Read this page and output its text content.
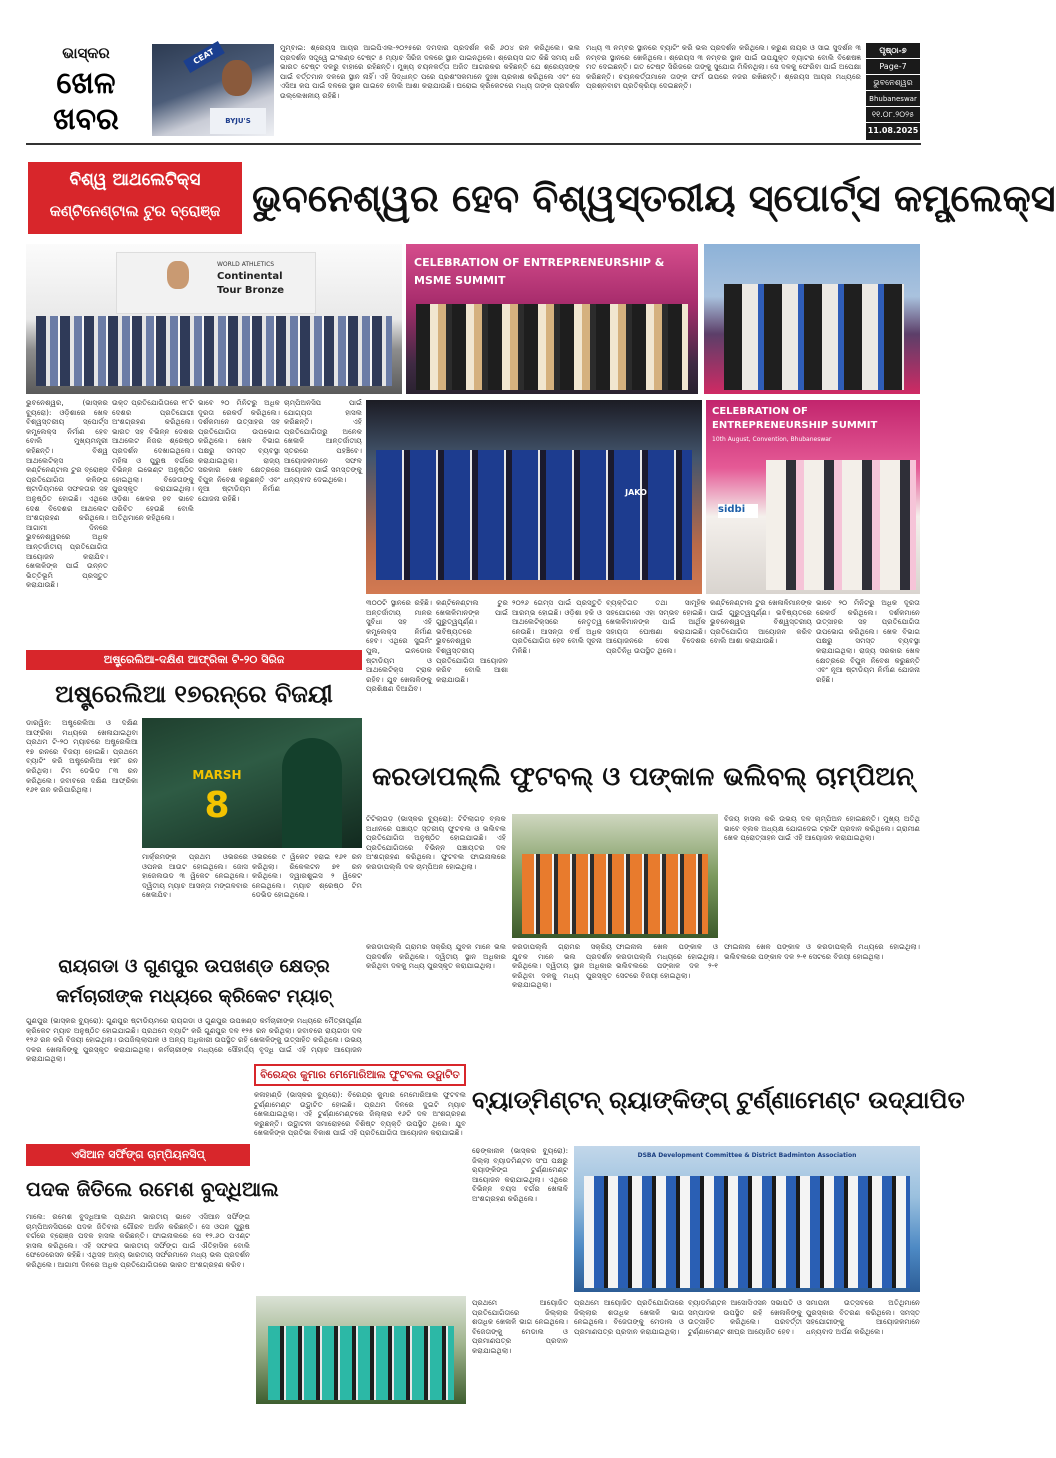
ଭାସ୍କର
ଖେଳ
ଖବର
CEAT
BYJU'S
ମୁମ୍ବାଇ: ଶ୍ରେୟସ ଆୟର ଆଇପିଏଲ-୨୦୨୫ରେ ଦମଦାର ପ୍ରଦର୍ଶନ କରି ୬୦୪ ରନ କରିଥିଲେ। ଭଲ ପ୍ରଦର୍ଶନ ସତ୍ତ୍ୱେ ଇଂଲଣ୍ଡ ଟେଷ୍ଟ ୫ ମ୍ୟାଚ ସିରିଜ ଦଳରେ ସ୍ଥାନ ପାଇନଥିଲେ। ଶ୍ରେୟସ ଗତ କିଛି ସମୟ ଧରି ଭାରତ ଟେଷ୍ଟ ଦଳରୁ ବାହାରେ ରହିଛନ୍ତି। ମୁଖ୍ୟ ଚୟନକର୍ତ୍ତା ଅଜିତ ଆଗରକର କହିଛନ୍ତି ଯେ ଶ୍ରେୟସଙ୍କ ପାଇଁ ବର୍ତ୍ତମାନ ଦଳରେ ସ୍ଥାନ ନାହିଁ। ଏହି ସିଦ୍ଧାନ୍ତ ପରେ ପ୍ରଶଂସକମାନେ ଦୁଃଖ ପ୍ରକାଶ କରିଥିଲେ ଏବଂ ସେ ଏସିଆ କପ ପାଇଁ ଦଳରେ ସ୍ଥାନ ପାଇବେ ବୋଲି ଆଶା କରାଯାଉଛି। ଘରୋଇ କ୍ରିକେଟରେ ମଧ୍ୟ ତାଙ୍କ ପ୍ରଦର୍ଶନ ଉଲ୍ଲେଖନୀୟ ରହିଛି।
ମଧ୍ୟ ୩ ନମ୍ବର ସ୍ଥାନରେ ବ୍ୟାଟିଂ କରି ଭଲ ପ୍ରଦର୍ଶନ କରିଥିଲେ। କରୁଣ ନାୟର ଓ ସାଇ ସୁଦର୍ଶନ ୩ ନମ୍ବର ସ୍ଥାନରେ ଖେଳିଥିଲେ। ଶ୍ରେୟସ ୩ ନମ୍ବର ସ୍ଥାନ ପାଇଁ ଉପଯୁକ୍ତ ବ୍ୟାଟର ବୋଲି ବିଶେଷଜ୍ଞ ମତ ଦେଇଛନ୍ତି। ଗତ ଟେଷ୍ଟ ସିରିଜରେ ତାଙ୍କୁ ସୁଯୋଗ ମିଳିନଥିଲା। ସେ ଦଳକୁ ଫେରିବା ପାଇଁ ଅପେକ୍ଷା କରିଛନ୍ତି। ଚୟନକର୍ତ୍ତାମାନେ ତାଙ୍କ ଫର୍ମ ଉପରେ ନଜର ରଖିଛନ୍ତି। ଶ୍ରେୟସ ଆୟର ମଧ୍ୟରେ ପ୍ରଶ୍ନବାଚୀ ପ୍ରତିକ୍ରିୟା ଦେଇଛନ୍ତି।
ପୃଷ୍ଠା-୭
Page-7
ଭୁବନେଶ୍ୱର
Bhubaneswar
୧୧.୦୮.୨୦୨୫
11.08.2025
ବିଶ୍ୱ ଆଥଲେଟିକ୍ସ
କଣ୍ଟିନେଣ୍ଟାଲ ଟୁର ବ୍ରୋଞ୍ଜ ଭୁବନେଶ୍ୱର ହେବ ବିଶ୍ୱସ୍ତରୀୟ ସ୍ପୋର୍ଟ୍ସ କମ୍ପ୍ଲେକ୍ସ
WORLD ATHLETICS
Continental
Tour Bronze
CELEBRATION OF ENTREPRENEURSHIP & MSME SUMMIT
ଭୁବନେଶ୍ୱର, (ଭାସ୍କର ବ୍ୟୁରୋ): ଓଡ଼ିଶାରେ ଖେଳ ବିଶ୍ୱସ୍ତରୀୟ ସ୍ପୋର୍ଟ୍ସ କମ୍ପ୍ଲେକ୍ସ ନିର୍ମାଣ ହେବ ବୋଲି ମୁଖ୍ୟମନ୍ତ୍ରୀ କହିଛନ୍ତି। ବିଶ୍ୱ ଆଥଲେଟିକ୍ସ କଣ୍ଟିନେଣ୍ଟାଲ ଟୁର ବ୍ରୋଞ୍ଜ ପ୍ରତିଯୋଗିତା କଳିଙ୍ଗ ଷ୍ଟାଡିୟମରେ ସଫଳତାର ସହ ଅନୁଷ୍ଠିତ ହୋଇଛି। ଏଥିରେ ଦେଶ ବିଦେଶର ଆଥଲେଟ ଅଂଶଗ୍ରହଣ କରିଥିଲେ। ଆଗାମୀ ଦିନରେ ଭୁବନେଶ୍ୱରରେ ଅଧିକ ଆନ୍ତର୍ଜାତୀୟ ପ୍ରତିଯୋଗିତା ଆୟୋଜନ କରାଯିବ। ଖେଳାଳିଙ୍କ ପାଇଁ ଉନ୍ନତ ଭିତ୍ତିଭୂମି ପ୍ରସ୍ତୁତ କରାଯାଉଛି।
ଉକ୍ତ ପ୍ରତିଯୋଗିତାରେ ୧୮ଟି ଦେଶର ପ୍ରତିଯୋଗୀ ଅଂଶଗ୍ରହଣ କରିଥିଲେ। ଭାରତ ସହ ବିଭିନ୍ନ ଦେଶର ଆଥଲେଟ ନିଜର ଶ୍ରେଷ୍ଠ ପ୍ରଦର୍ଶନ ଦେଖାଇଥିଲେ। ମହିଳା ଓ ପୁରୁଷ ବର୍ଗରେ ବିଭିନ୍ନ ଇଭେଣ୍ଟ ଅନୁଷ୍ଠିତ ହୋଇଥିଲା। ବିଜେତାଙ୍କୁ ପୁରସ୍କୃତ କରାଯାଇଥିଲା। ଓଡ଼ିଶା ଖେଳର ହବ ଭାବେ ପରିଚିତ ହେଉଛି ବୋଲି ଅତିଥିମାନେ କହିଥିଲେ।
ଭାବେ ୨୦ ମିନିଟରୁ ଅଧିକ ଦୂରତା ରେକର୍ଡ କରିଥିଲେ। ଦର୍ଶକମାନେ ଉତ୍ସାହର ସହ ପ୍ରତିଯୋଗିତା ଉପଭୋଗ କରିଥିଲେ। ଖେଳ ବିଭାଗ ପକ୍ଷରୁ ସମସ୍ତ ବ୍ୟବସ୍ଥା କରାଯାଇଥିଲା। ରାଜ୍ୟ ସରକାର ଖେଳ କ୍ଷେତ୍ରରେ ବିପୁଳ ନିବେଶ କରୁଛନ୍ତି ଏବଂ ନୂଆ ଷ୍ଟାଡିୟମ ନିର୍ମାଣ ଯୋଜନା ରହିଛି।
ଚାମ୍ପିଅନସିପ ପାଇଁ ଯୋଗ୍ୟତା ହାସଲ କରିଛନ୍ତି। ଏହି ପ୍ରତିଯୋଗିତାରୁ ଅନେକ ଖେଳାଳି ଆନ୍ତର୍ଜାତୀୟ ସ୍ତରରେ ପହଞ୍ଚିବେ। ଆୟୋଜକମାନେ ସଫଳ ଆୟୋଜନ ପାଇଁ ସମସ୍ତଙ୍କୁ ଧନ୍ୟବାଦ ଦେଇଥିଲେ।
JAKO
CELEBRATION OF
ENTREPRENEURSHIP SUMMIT
10th August, Convention, Bhubaneswar
sidbi
୩୦୦ଟି ସ୍ଥାନରେ ରହିଛି। ଅନ୍ତର୍ଜାତୀୟ ମାନର ସୁବିଧା ସହ ଏହି କମ୍ପ୍ଲେକ୍ସ ନିର୍ମାଣ ହେବ। ଏଥିରେ ସୁଇମିଂ ପୁଲ, ଇନଡୋର ଷ୍ଟାଡିୟମ ଓ ଆଥଲେଟିକ୍ସ ଟ୍ରାକ ରହିବ। ଯୁବ ଖେଳାଳିଙ୍କୁ ପ୍ରଶିକ୍ଷଣ ଦିଆଯିବ।
କଣ୍ଟିନେଣ୍ଟାଲ ଟୁର ଖେଳାଳିମାନଙ୍କ ପାଇଁ ଗୁରୁତ୍ୱପୂର୍ଣ୍ଣ। ଭବିଷ୍ୟତରେ ଭୁବନେଶ୍ୱର ବିଶ୍ୱସ୍ତରୀୟ ପ୍ରତିଯୋଗିତା ଆୟୋଜନ କରିବ ବୋଲି ଆଶା କରାଯାଉଛି।
୨୦୨୬ ଗେମ୍ସ ପାଇଁ ପ୍ରସ୍ତୁତି ଆରମ୍ଭ ହୋଇଛି। ଓଡ଼ିଶା ହକି ଓ ଆଥଲେଟିକ୍ସରେ ନେତୃତ୍ୱ ନେଉଛି। ଆସନ୍ତା ବର୍ଷ ଅଧିକ ପ୍ରତିଯୋଗିତା ହେବ ବୋଲି ସୂଚନା ମିଳିଛି।
ବ୍ୟକ୍ତିଗତ ତଥା ସାମୂହିକ ସହଯୋଗରେ ଏହା ସମ୍ଭବ ହୋଇଛି। ଖେଳାଳିମାନଙ୍କ ପାଇଁ ଆର୍ଥିକ ସହାୟତା ଘୋଷଣା କରାଯାଇଛି। ଆୟୋଜନରେ ଦେଶ ବିଦେଶର ପ୍ରତିନିଧି ଉପସ୍ଥିତ ଥିଲେ।
କଣ୍ଟିନେଣ୍ଟାଲ ଟୁର ଖେଳାଳିମାନଙ୍କ ପାଇଁ ଗୁରୁତ୍ୱପୂର୍ଣ୍ଣ। ଭବିଷ୍ୟତରେ ଭୁବନେଶ୍ୱର ବିଶ୍ୱସ୍ତରୀୟ ପ୍ରତିଯୋଗିତା ଆୟୋଜନ କରିବ ବୋଲି ଆଶା କରାଯାଉଛି।
ଭାବେ ୨୦ ମିନିଟରୁ ଅଧିକ ଦୂରତା ରେକର୍ଡ କରିଥିଲେ। ଦର୍ଶକମାନେ ଉତ୍ସାହର ସହ ପ୍ରତିଯୋଗିତା ଉପଭୋଗ କରିଥିଲେ। ଖେଳ ବିଭାଗ ପକ୍ଷରୁ ସମସ୍ତ ବ୍ୟବସ୍ଥା କରାଯାଇଥିଲା। ରାଜ୍ୟ ସରକାର ଖେଳ କ୍ଷେତ୍ରରେ ବିପୁଳ ନିବେଶ କରୁଛନ୍ତି ଏବଂ ନୂଆ ଷ୍ଟାଡିୟମ ନିର୍ମାଣ ଯୋଜନା ରହିଛି।
ଅଷ୍ଟ୍ରେଲିଆ-ଦକ୍ଷିଣ ଆଫ୍ରିକା ଟି-୨୦ ସିରିଜ
ଅଷ୍ଟ୍ରେଲିଆ ୧୭ରନ୍‌ରେ ବିଜୟୀ
ଡାରୱିନ: ଅଷ୍ଟ୍ରେଲିଆ ଓ ଦକ୍ଷିଣ ଆଫ୍ରିକା ମଧ୍ୟରେ ଖେଳାଯାଇଥିବା ପ୍ରଥମ ଟି-୨୦ ମ୍ୟାଚରେ ଅଷ୍ଟ୍ରେଲିଆ ୧୭ ରନରେ ବିଜୟୀ ହୋଇଛି। ପ୍ରଥମେ ବ୍ୟାଟିଂ କରି ଅଷ୍ଟ୍ରେଲିଆ ୧୭୮ ରନ କରିଥିଲା। ଟିମ ଡେଭିଡ ୮୩ ରନ କରିଥିଲେ। ଜବାବରେ ଦକ୍ଷିଣ ଆଫ୍ରିକା ୧୬୧ ରନ କରିପାରିଥିଲା।
MARSH
8
ମାର୍କ୍ରମଙ୍କ ପ୍ରଥମ ଓଭରରେ ଓପନର ଆଉଟ ହୋଇଥିଲେ। ଜୋସ ହାଜେଲଉଡ ୩ ୱିକେଟ ନେଇଥିଲେ। ଦ୍ୱିତୀୟ ମ୍ୟାଚ ଆସନ୍ତା ମଙ୍ଗଳବାର ଖେଳାଯିବ।
ଓଭରରେ ୯ ୱିକେଟ ହରାଇ ୧୬୧ ରନ କରିଥିଲା। ରିକେଲଟନ ୭୧ ରନ କରିଥିଲେ। ଦ୍ୱାରଶୁଇସ ୨ ୱିକେଟ ନେଇଥିଲେ। ମ୍ୟାଚ ଶ୍ରେଷ୍ଠ ଟିମ ଡେଭିଡ ହୋଇଥିଲେ।
ରାୟଗଡା ଓ ଗୁଣପୁର ଉପଖଣ୍ଡ କ୍ଷେତ୍ର
କର୍ମଚାରୀଙ୍କ ମଧ୍ୟରେ କ୍ରିକେଟ ମ୍ୟାଚ୍
ଗୁଣପୁର (ଭାସ୍କର ବ୍ୟୁରୋ): ଗୁଣପୁର ଷ୍ଟାଡିୟମରେ ରାୟଗଡା ଓ ଗୁଣପୁର ଉପଖଣ୍ଡ କର୍ମଚାରୀଙ୍କ ମଧ୍ୟରେ ମୈତ୍ରୀପୂର୍ଣ୍ଣ କ୍ରିକେଟ ମ୍ୟାଚ ଅନୁଷ୍ଠିତ ହୋଇଯାଇଛି। ପ୍ରଥମେ ବ୍ୟାଟିଂ କରି ଗୁଣପୁର ଦଳ ୧୨୫ ରନ କରିଥିଲା। ଜବାବରେ ରାୟଗଡା ଦଳ ୧୨୬ ରନ କରି ବିଜୟୀ ହୋଇଥିଲା। ଉପଜିଲ୍ଲାପାଳ ଓ ଅନ୍ୟ ଅଧିକାରୀ ଉପସ୍ଥିତ ରହି ଖେଳାଳିଙ୍କୁ ଉତ୍ସାହିତ କରିଥିଲେ। ଉଭୟ ଦଳର ଖେଳାଳିଙ୍କୁ ପୁରସ୍କୃତ କରାଯାଇଥିଲା। କର୍ମଚାରୀଙ୍କ ମଧ୍ୟରେ ସୌହାର୍ଦ୍ଦ୍ୟ ବୃଦ୍ଧି ପାଇଁ ଏହି ମ୍ୟାଚ ଆୟୋଜନ କରାଯାଇଥିଲା।
ଏସିଆନ ସର୍ଫିଙ୍ଗ ଚାମ୍ପିୟନସିପ୍
ପଦକ ଜିତିଲେ ରମେଶ ବୁଦ୍ଧିଆଲ
ମାଲେ: ରମେଶ ବୁଦ୍ଧିଆଲ ପ୍ରଥମ ଭାରତୀୟ ଭାବେ ଏସିଆନ ସର୍ଫିଙ୍ଗ ଚାମ୍ପିଅନସିପରେ ପଦକ ଜିତିବାର ଗୌରବ ଅର୍ଜନ କରିଛନ୍ତି। ସେ ଓପନ ପୁରୁଷ ବର୍ଗରେ ବ୍ରୋଞ୍ଜ ପଦକ ହାସଲ କରିଛନ୍ତି। ଫାଇନାଲରେ ସେ ୧୨.୬୦ ପଏଣ୍ଟ ହାସଲ କରିଥିଲେ। ଏହି ସଫଳତା ଭାରତୀୟ ସର୍ଫିଙ୍ଗ ପାଇଁ ଐତିହାସିକ ବୋଲି ଫେଡେରେସନ କହିଛି। ଏଥିସହ ଅନ୍ୟ ଭାରତୀୟ ସର୍ଫରମାନେ ମଧ୍ୟ ଭଲ ପ୍ରଦର୍ଶନ କରିଥିଲେ। ଆଗାମୀ ଦିନରେ ଅଧିକ ପ୍ରତିଯୋଗିତାରେ ଭାରତ ଅଂଶଗ୍ରହଣ କରିବ।
କରଡାପଲ୍ଲି ଫୁଟବଲ୍ ଓ ପଙ୍କାଳ ଭଲିବଲ୍ ଚାମ୍ପିଅନ୍
ଟିଟିଲାଗଡ଼ (ଭାସ୍କର ବ୍ୟୁରୋ): ଟିଟିଲାଗଡ଼ ବ୍ଲକ ଅଧୀନରେ ପଞ୍ଚାୟତ ସ୍ତରୀୟ ଫୁଟବଲ ଓ ଭଲିବଲ ପ୍ରତିଯୋଗିତା ଅନୁଷ୍ଠିତ ହୋଇଯାଇଛି। ଏହି ପ୍ରତିଯୋଗିତାରେ ବିଭିନ୍ନ ପଞ୍ଚାୟତର ଦଳ ଅଂଶଗ୍ରହଣ କରିଥିଲେ। ଫୁଟବଲ ଫାଇନାଲରେ କରଡାପଲ୍ଲି ଦଳ ଚାମ୍ପିଅନ ହୋଇଥିଲା।
ବିଜୟ ହାସଲ କରି ଉଭୟ ଦଳ ଚାମ୍ପିଅନ ହୋଇଛନ୍ତି। ମୁଖ୍ୟ ଅତିଥି ଭାବେ ବ୍ଲକ ଅଧ୍ୟକ୍ଷ ଯୋଗଦେଇ ଟ୍ରଫି ପ୍ରଦାନ କରିଥିଲେ। ଗ୍ରାମୀଣ ଖେଳ ପ୍ରୋତ୍ସାହନ ପାଇଁ ଏହି ଆୟୋଜନ କରାଯାଇଥିଲା।
କରଡାପଲ୍ଲି ଗ୍ରାମର ସକ୍ରିୟ ଯୁବକ ମାନେ ଭଲ ପ୍ରଦର୍ଶନ କରିଥିଲେ। ଦ୍ୱିତୀୟ ସ୍ଥାନ ଅଧିକାର କରିଥିବା ଦଳକୁ ମଧ୍ୟ ପୁରସ୍କୃତ କରାଯାଇଥିଲା।
ଫାଇନାଲ ଖେଳ ପଙ୍କାଳ ଓ କରଡାପଲ୍ଲି ମଧ୍ୟରେ ହୋଇଥିଲା। ଭଲିବଲରେ ପଙ୍କାଳ ଦଳ ୨-୧ ସେଟରେ ବିଜୟୀ ହୋଇଥିଲା।
କରଡାପଲ୍ଲି ଗ୍ରାମର ସକ୍ରିୟ ଯୁବକ ମାନେ ଭଲ ପ୍ରଦର୍ଶନ କରିଥିଲେ। ଦ୍ୱିତୀୟ ସ୍ଥାନ ଅଧିକାର କରିଥିବା ଦଳକୁ ମଧ୍ୟ ପୁରସ୍କୃତ କରାଯାଇଥିଲା।
ଫାଇନାଲ ଖେଳ ପଙ୍କାଳ ଓ କରଡାପଲ୍ଲି ମଧ୍ୟରେ ହୋଇଥିଲା। ଭଲିବଲରେ ପଙ୍କାଳ ଦଳ ୨-୧ ସେଟରେ ବିଜୟୀ ହୋଇଥିଲା।
ବିରେନ୍ଦ୍ର କୁମାର ମେମୋରିଆଲ ଫୁଟବଲ ଉଦ୍ଘାଟିତ
କଳାହାଣ୍ଡି (ଭାସ୍କର ବ୍ୟୁରୋ): ବିରେନ୍ଦ୍ର କୁମାର ମେମୋରିଆଲ ଫୁଟବଲ ଟୁର୍ଣ୍ଣାମେଣ୍ଟ ଉଦ୍ଘାଟିତ ହୋଇଛି। ପ୍ରଥମ ଦିନରେ ଦୁଇଟି ମ୍ୟାଚ ଖେଳାଯାଇଥିଲା। ଏହି ଟୁର୍ଣ୍ଣାମେଣ୍ଟରେ ଜିଲ୍ଲାର ୧୬ଟି ଦଳ ଅଂଶଗ୍ରହଣ କରୁଛନ୍ତି। ଉଦ୍ଘାଟନୀ ସମାରୋହରେ ବିଶିଷ୍ଟ ବ୍ୟକ୍ତି ଉପସ୍ଥିତ ଥିଲେ। ଯୁବ ଖେଳାଳିଙ୍କ ପ୍ରତିଭା ବିକାଶ ପାଇଁ ଏହି ପ୍ରତିଯୋଗିତା ଆୟୋଜନ କରାଯାଇଛି।
ବ୍ୟାଡ୍‌ମିଣ୍ଟନ୍ ର‌୍ୟାଙ୍କିଙ୍ଗ୍ ଟୁର୍ଣ୍ଣାମେଣ୍ଟ ଉଦ୍‌ଯାପିତ
ଢେଙ୍କାନାଳ (ଭାସ୍କର ବ୍ୟୁରୋ): ଜିଲ୍ଲା ବ୍ୟାଡମିଣ୍ଟନ ସଂଘ ପକ୍ଷରୁ ର‌୍ୟାଙ୍କିଙ୍ଗ ଟୁର୍ଣ୍ଣାମେଣ୍ଟ ଆୟୋଜନ କରାଯାଇଥିଲା। ଏଥିରେ ବିଭିନ୍ନ ବୟସ ବର୍ଗର ଖେଳାଳି ଅଂଶଗ୍ରହଣ କରିଥିଲେ।
DSBA Development Committee & District Badminton Association
ପ୍ରଥମେ ଆୟୋଜିତ ପ୍ରତିଯୋଗିତାରେ ଜିଲ୍ଲାର ଶତାଧିକ ଖେଳାଳି ଭାଗ ନେଇଥିଲେ। ବିଜେତାଙ୍କୁ ମେଡାଲ ଓ ପ୍ରମାଣପତ୍ର ପ୍ରଦାନ କରାଯାଇଥିଲା।
ପ୍ରଥମେ ଆୟୋଜିତ ପ୍ରତିଯୋଗିତାରେ ଜିଲ୍ଲାର ଶତାଧିକ ଖେଳାଳି ଭାଗ ନେଇଥିଲେ। ବିଜେତାଙ୍କୁ ମେଡାଲ ଓ ପ୍ରମାଣପତ୍ର ପ୍ରଦାନ କରାଯାଇଥିଲା।
ବ୍ୟାଡମିଣ୍ଟନ ଆସୋସିଏସନ ସଭାପତି ଓ ସମ୍ପାଦକ ଉପସ୍ଥିତ ରହି ଖେଳାଳିଙ୍କୁ ଉତ୍ସାହିତ କରିଥିଲେ। ପରବର୍ତ୍ତୀ ଟୁର୍ଣ୍ଣାମେଣ୍ଟ ଶୀଘ୍ର ଆୟୋଜିତ ହେବ।
ସମାପନୀ ଉତ୍ସବରେ ଅତିଥିମାନେ ପୁରସ୍କାର ବିତରଣ କରିଥିଲେ। ସମସ୍ତ ସହଯୋଗୀଙ୍କୁ ଆୟୋଜକମାନେ ଧନ୍ୟବାଦ ଅର୍ପଣ କରିଥିଲେ।
